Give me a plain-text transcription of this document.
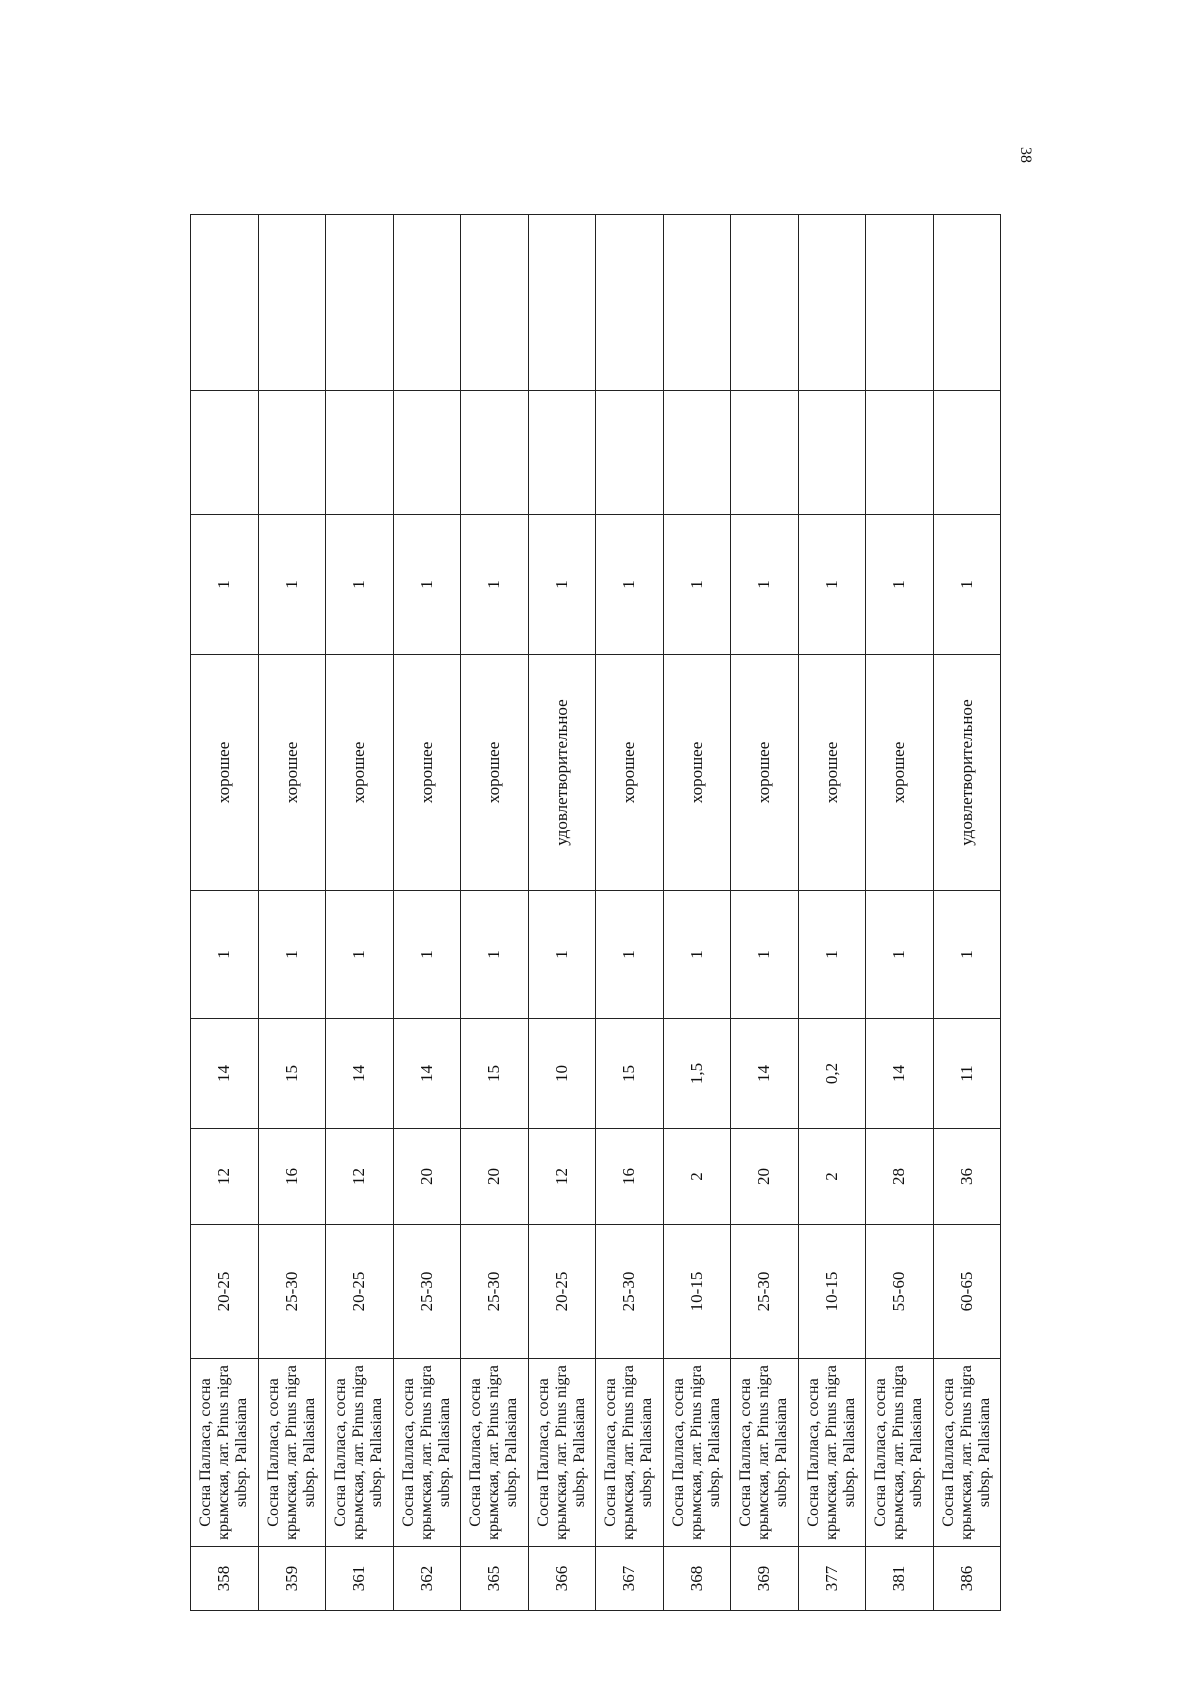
38
358	Сосна Палласа, сосна крымская, лат. Pinus nigra subsp. Pallasiana	20-25	12	14	1	хорошее	1		
359	Сосна Палласа, сосна крымская, лат. Pinus nigra subsp. Pallasiana	25-30	16	15	1	хорошее	1		
361	Сосна Палласа, сосна крымская, лат. Pinus nigra subsp. Pallasiana	20-25	12	14	1	хорошее	1		
362	Сосна Палласа, сосна крымская, лат. Pinus nigra subsp. Pallasiana	25-30	20	14	1	хорошее	1		
365	Сосна Палласа, сосна крымская, лат. Pinus nigra subsp. Pallasiana	25-30	20	15	1	хорошее	1		
366	Сосна Палласа, сосна крымская, лат. Pinus nigra subsp. Pallasiana	20-25	12	10	1	удовлетворительное	1		
367	Сосна Палласа, сосна крымская, лат. Pinus nigra subsp. Pallasiana	25-30	16	15	1	хорошее	1		
368	Сосна Палласа, сосна крымская, лат. Pinus nigra subsp. Pallasiana	10-15	2	1,5	1	хорошее	1		
369	Сосна Палласа, сосна крымская, лат. Pinus nigra subsp. Pallasiana	25-30	20	14	1	хорошее	1		
377	Сосна Палласа, сосна крымская, лат. Pinus nigra subsp. Pallasiana	10-15	2	0,2	1	хорошее	1		
381	Сосна Палласа, сосна крымская, лат. Pinus nigra subsp. Pallasiana	55-60	28	14	1	хорошее	1		
386	Сосна Палласа, сосна крымская, лат. Pinus nigra subsp. Pallasiana	60-65	36	11	1	удовлетворительное	1		
